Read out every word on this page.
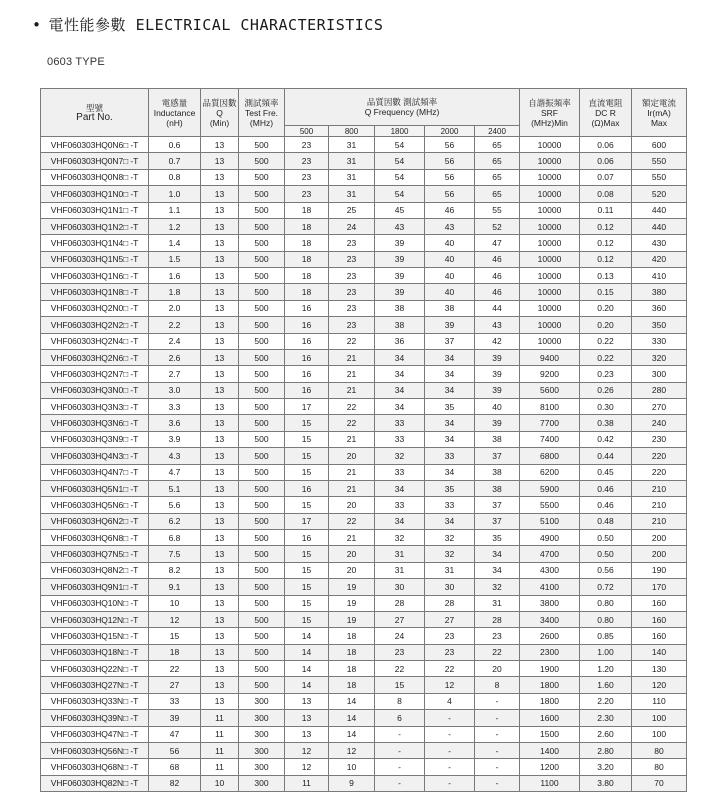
• 電性能參數 ELECTRICAL CHARACTERISTICS
0603 TYPE
型號
Part No.	電感量
Inductance
(nH)	品質因數
Q
(Min)	測試頻率
Test Fre.
(MHz)	品質因數 測試頻率
Q Frequency (MHz)					自諧振頻率
SRF
(MHz)Min	直流電阻
DC R
(Ω)Max	額定電流
Ir(mA)
Max

				500	800	1800	2000	2400			
VHF060303HQ0N6□ -T	0.6	13	500	23	31	54	56	65	10000	0.06	600
VHF060303HQ0N7□ -T	0.7	13	500	23	31	54	56	65	10000	0.06	550
VHF060303HQ0N8□ -T	0.8	13	500	23	31	54	56	65	10000	0.07	550
VHF060303HQ1N0□ -T	1.0	13	500	23	31	54	56	65	10000	0.08	520
VHF060303HQ1N1□ -T	1.1	13	500	18	25	45	46	55	10000	0.11	440
VHF060303HQ1N2□ -T	1.2	13	500	18	24	43	43	52	10000	0.12	440
VHF060303HQ1N4□ -T	1.4	13	500	18	23	39	40	47	10000	0.12	430
VHF060303HQ1N5□ -T	1.5	13	500	18	23	39	40	46	10000	0.12	420
VHF060303HQ1N6□ -T	1.6	13	500	18	23	39	40	46	10000	0.13	410
VHF060303HQ1N8□ -T	1.8	13	500	18	23	39	40	46	10000	0.15	380
VHF060303HQ2N0□ -T	2.0	13	500	16	23	38	38	44	10000	0.20	360
VHF060303HQ2N2□ -T	2.2	13	500	16	23	38	39	43	10000	0.20	350
VHF060303HQ2N4□ -T	2.4	13	500	16	22	36	37	42	10000	0.22	330
VHF060303HQ2N6□ -T	2.6	13	500	16	21	34	34	39	9400	0.22	320
VHF060303HQ2N7□ -T	2.7	13	500	16	21	34	34	39	9200	0.23	300
VHF060303HQ3N0□ -T	3.0	13	500	16	21	34	34	39	5600	0.26	280
VHF060303HQ3N3□ -T	3.3	13	500	17	22	34	35	40	8100	0.30	270
VHF060303HQ3N6□ -T	3.6	13	500	15	22	33	34	39	7700	0.38	240
VHF060303HQ3N9□ -T	3.9	13	500	15	21	33	34	38	7400	0.42	230
VHF060303HQ4N3□ -T	4.3	13	500	15	20	32	33	37	6800	0.44	220
VHF060303HQ4N7□ -T	4.7	13	500	15	21	33	34	38	6200	0.45	220
VHF060303HQ5N1□ -T	5.1	13	500	16	21	34	35	38	5900	0.46	210
VHF060303HQ5N6□ -T	5.6	13	500	15	20	33	33	37	5500	0.46	210
VHF060303HQ6N2□ -T	6.2	13	500	17	22	34	34	37	5100	0.48	210
VHF060303HQ6N8□ -T	6.8	13	500	16	21	32	32	35	4900	0.50	200
VHF060303HQ7N5□ -T	7.5	13	500	15	20	31	32	34	4700	0.50	200
VHF060303HQ8N2□ -T	8.2	13	500	15	20	31	31	34	4300	0.56	190
VHF060303HQ9N1□ -T	9.1	13	500	15	19	30	30	32	4100	0.72	170
VHF060303HQ10N□ -T	10	13	500	15	19	28	28	31	3800	0.80	160
VHF060303HQ12N□ -T	12	13	500	15	19	27	27	28	3400	0.80	160
VHF060303HQ15N□ -T	15	13	500	14	18	24	23	23	2600	0.85	160
VHF060303HQ18N□ -T	18	13	500	14	18	23	23	22	2300	1.00	140
VHF060303HQ22N□ -T	22	13	500	14	18	22	22	20	1900	1.20	130
VHF060303HQ27N□ -T	27	13	500	14	18	15	12	8	1800	1.60	120
VHF060303HQ33N□ -T	33	13	300	13	14	8	4	-	1800	2.20	110
VHF060303HQ39N□ -T	39	11	300	13	14	6	-	-	1600	2.30	100
VHF060303HQ47N□ -T	47	11	300	13	14	-	-	-	1500	2.60	100
VHF060303HQ56N□ -T	56	11	300	12	12	-	-	-	1400	2.80	80
VHF060303HQ68N□ -T	68	11	300	12	10	-	-	-	1200	3.20	80
VHF060303HQ82N□ -T	82	10	300	11	9	-	-	-	1100	3.80	70
